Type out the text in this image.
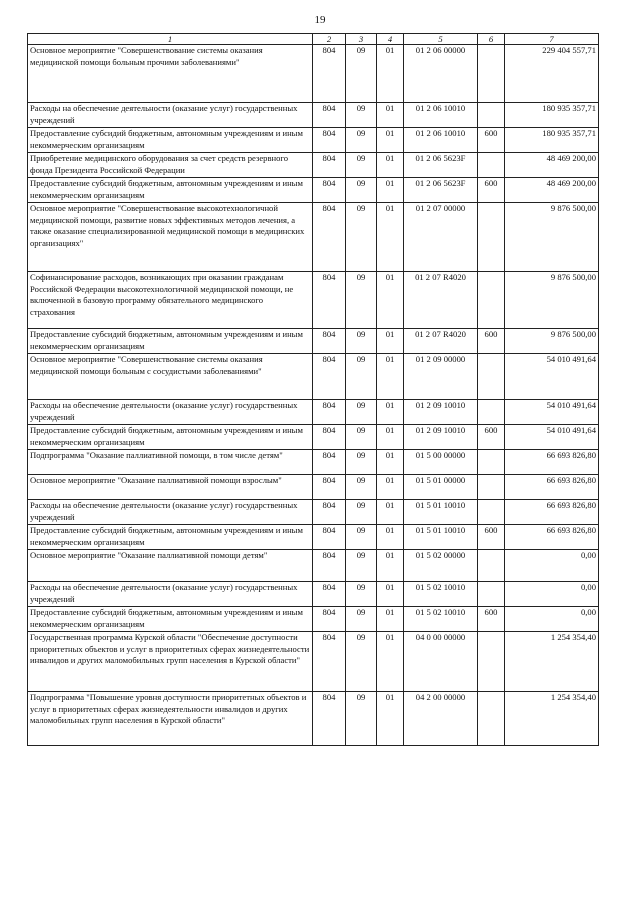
19
1	2	3	4	5	6	7
Основное мероприятие "Совершенствование системы оказания медицинской помощи больным прочими заболеваниями"	804	09	01	01 2 06 00000		229 404 557,71
Расходы на обеспечение деятельности (оказание услуг) государственных учреждений	804	09	01	01 2 06 10010		180 935 357,71
Предоставление субсидий бюджетным, автономным учреждениям и иным некоммерческим организациям	804	09	01	01 2 06 10010	600	180 935 357,71
Приобретение медицинского оборудования за счет средств резервного фонда Президента Российской Федерации	804	09	01	01 2 06 5623F		48 469 200,00
Предоставление субсидий бюджетным, автономным учреждениям и иным некоммерческим организациям	804	09	01	01 2 06 5623F	600	48 469 200,00
Основное мероприятие "Совершенствование высокотехнологичной медицинской помощи, развитие новых эффективных методов лечения, а также оказание специализированной медицинской помощи в медицинских организациях"	804	09	01	01 2 07 00000		9 876 500,00
Софинансирование расходов, возникающих при оказании гражданам Российской Федерации высокотехнологичной медицинской помощи, не включенной в базовую программу обязательного медицинского страхования	804	09	01	01 2 07 R4020		9 876 500,00
Предоставление субсидий бюджетным, автономным учреждениям и иным некоммерческим организациям	804	09	01	01 2 07 R4020	600	9 876 500,00
Основное мероприятие "Совершенствование системы оказания медицинской помощи больным с сосудистыми заболеваниями"	804	09	01	01 2 09 00000		54 010 491,64
Расходы на обеспечение деятельности (оказание услуг) государственных учреждений	804	09	01	01 2 09 10010		54 010 491,64
Предоставление субсидий бюджетным, автономным учреждениям и иным некоммерческим организациям	804	09	01	01 2 09 10010	600	54 010 491,64
Подпрограмма "Оказание паллиативной помощи, в том числе детям"	804	09	01	01 5 00 00000		66 693 826,80
Основное мероприятие "Оказание паллиативной помощи взрослым"	804	09	01	01 5 01 00000		66 693 826,80
Расходы на обеспечение деятельности (оказание услуг) государственных учреждений	804	09	01	01 5 01 10010		66 693 826,80
Предоставление субсидий бюджетным, автономным учреждениям и иным некоммерческим организациям	804	09	01	01 5 01 10010	600	66 693 826,80
Основное мероприятие "Оказание паллиативной помощи детям"	804	09	01	01 5 02 00000		0,00
Расходы на обеспечение деятельности (оказание услуг) государственных учреждений	804	09	01	01 5 02 10010		0,00
Предоставление субсидий бюджетным, автономным учреждениям и иным некоммерческим организациям	804	09	01	01 5 02 10010	600	0,00
Государственная программа Курской области "Обеспечение доступности приоритетных объектов и услуг в приоритетных сферах жизнедеятельности инвалидов и других маломобильных групп населения в Курской области"	804	09	01	04 0 00 00000		1 254 354,40
Подпрограмма "Повышение уровня доступности приоритетных объектов и услуг в приоритетных сферах жизнедеятельности инвалидов и других маломобильных групп населения в Курской области"	804	09	01	04 2 00 00000		1 254 354,40
